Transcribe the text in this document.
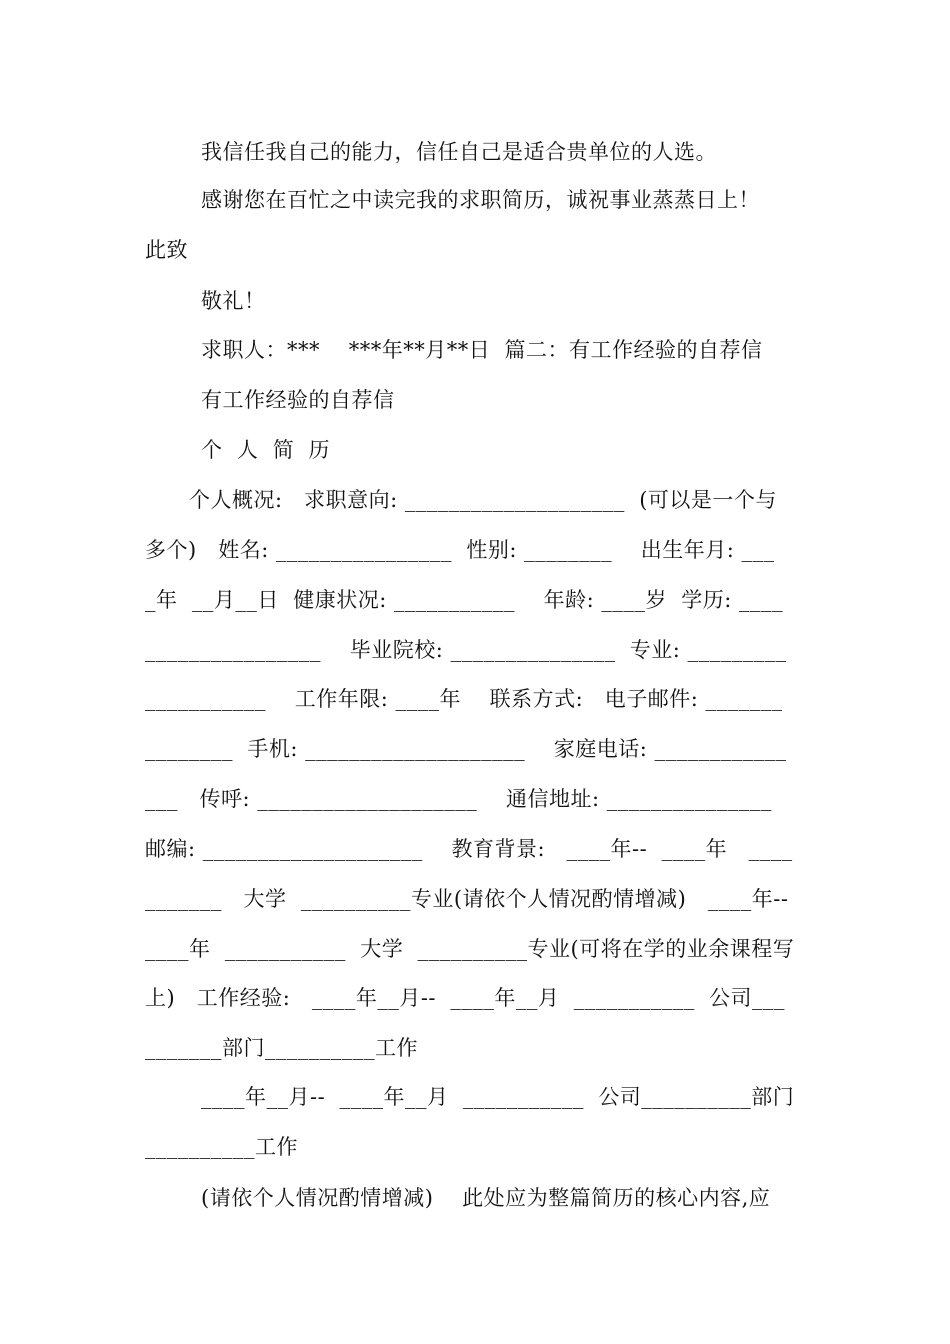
我信任我自己的能力，信任自己是适合贵单位的人选。
感谢您在百忙之中读完我的求职简历，诚祝事业蒸蒸日上！
此致
敬礼！
求职人：***    ***年**月**日  篇二：有工作经验的自荐信
有工作经验的自荐信
个  人  简  历
个人概况:   求职意向: ____________________  (可以是一个与
多个)   姓名: ________________  性别: ________    出生年月: ___
_年  __月__日  健康状况: ___________    年龄: ____岁  学历: ____
________________    毕业院校: _______________  专业: _________
___________    工作年限: ____年    联系方式:   电子邮件: _______
________  手机: ____________________    家庭电话: ____________
___   传呼: ____________________    通信地址: _______________
邮编: ____________________    教育背景:   ____年--  ____年   ____
_______   大学  __________专业(请依个人情况酌情增减)   ____年--
____年  ___________  大学  __________专业(可将在学的业余课程写
上)   工作经验:   ____年__月--  ____年__月  ___________  公司___
_______部门__________工作
____年__月--  ____年__月  ___________  公司__________部门
__________工作
(请依个人情况酌情增减)    此处应为整篇简历的核心内容,应
